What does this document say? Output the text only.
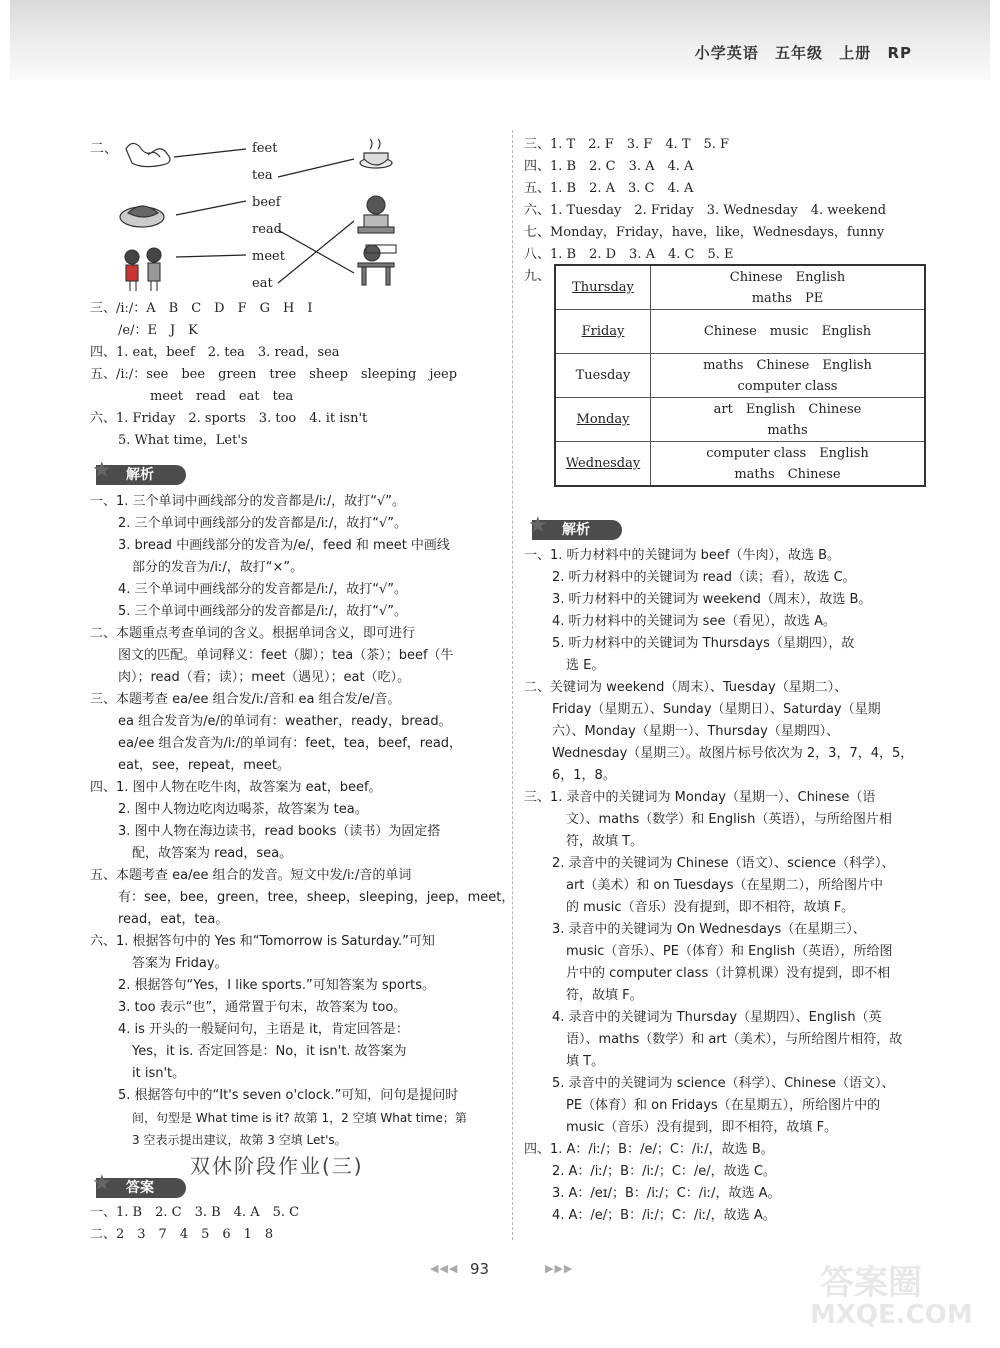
小学英语 五年级 上册 RP
二、	feet
tea
beef
read
meet
eat
三、/iː/：A　B　C　D　F　G　H　I
/e/：E　J　K
四、1. eat，beef　2. tea　3. read，sea
五、/iː/：see　bee　green　tree　sheep　sleeping　jeep
meet　read　eat　tea
六、1. Friday　2. sports　3. too　4. it isn't
5. What time，Let's
★ 解析
一、1. 三个单词中画线部分的发音都是/iː/，故打“√”。
2. 三个单词中画线部分的发音都是/iː/，故打“√”。
3. bread 中画线部分的发音为/e/，feed 和 meet 中画线
部分的发音为/iː/，故打“×”。
4. 三个单词中画线部分的发音都是/iː/，故打“√”。
5. 三个单词中画线部分的发音都是/iː/，故打“√”。
二、本题重点考查单词的含义。根据单词含义，即可进行
图文的匹配。单词释义：feet（脚）；tea（茶）；beef（牛
肉）；read（看；读）；meet（遇见）；eat（吃）。
三、本题考查 ea/ee 组合发/iː/音和 ea 组合发/e/音。
ea 组合发音为/e/的单词有：weather，ready，bread。
ea/ee 组合发音为/iː/的单词有：feet，tea，beef，read，
eat，see，repeat，meet。
四、1. 图中人物在吃牛肉，故答案为 eat，beef。
2. 图中人物边吃肉边喝茶，故答案为 tea。
3. 图中人物在海边读书，read books（读书）为固定搭
配，故答案为 read，sea。
五、本题考查 ea/ee 组合的发音。短文中发/iː/音的单词
有：see，bee，green，tree，sheep，sleeping，jeep，meet，
read，eat，tea。
六、1. 根据答句中的 Yes 和“Tomorrow is Saturday.”可知
答案为 Friday。
2. 根据答句“Yes，I like sports.”可知答案为 sports。
3. too 表示“也”，通常置于句末，故答案为 too。
4. is 开头的一般疑问句，主语是 it，肯定回答是：
Yes，it is. 否定回答是：No，it isn't. 故答案为
it isn't。
5. 根据答句中的“It's seven o'clock.”可知，问句是提问时
间，句型是 What time is it? 故第 1，2 空填 What time；第
3 空表示提出建议，故第 3 空填 Let's。
双休阶段作业(三)
★ 答案
一、1. B　2. C　3. B　4. A　5. C
二、2　3　7　4　5　6　1　8
三、1. T　2. F　3. F　4. T　5. F
四、1. B　2. C　3. A　4. A
五、1. B　2. A　3. C　4. A
六、1. Tuesday　2. Friday　3. Wednesday　4. weekend
七、Monday，Friday，have，like，Wednesdays，funny
八、1. B　2. D　3. A　4. C　5. E
九、
Thursday	Chinese　English
maths　PE

Friday	Chinese　music　English

Tuesday	maths　Chinese　English
computer class

Monday	art　English　Chinese
maths

Wednesday	computer class　English
maths　Chinese
★ 解析
一、1. 听力材料中的关键词为 beef（牛肉），故选 B。
2. 听力材料中的关键词为 read（读；看），故选 C。
3. 听力材料中的关键词为 weekend（周末），故选 B。
4. 听力材料中的关键词为 see（看见），故选 A。
5. 听力材料中的关键词为 Thursdays（星期四），故
选 E。
二、关键词为 weekend（周末）、Tuesday（星期二）、
Friday（星期五）、Sunday（星期日）、Saturday（星期
六）、Monday（星期一）、Thursday（星期四）、
Wednesday（星期三）。故图片标号依次为 2，3，7，4，5，
6，1，8。
三、1. 录音中的关键词为 Monday（星期一）、Chinese（语
文）、maths（数学）和 English（英语），与所给图片相
符，故填 T。
2. 录音中的关键词为 Chinese（语文）、science（科学）、
art（美术）和 on Tuesdays（在星期二），所给图片中
的 music（音乐）没有提到，即不相符，故填 F。
3. 录音中的关键词为 On Wednesdays（在星期三）、
music（音乐）、PE（体育）和 English（英语），所给图
片中的 computer class（计算机课）没有提到，即不相
符，故填 F。
4. 录音中的关键词为 Thursday（星期四）、English（英
语）、maths（数学）和 art（美术），与所给图片相符，故
填 T。
5. 录音中的关键词为 science（科学）、Chinese（语文）、
PE（体育）和 on Fridays（在星期五），所给图片中的
music（音乐）没有提到，即不相符，故填 F。
四、1. A：/iː/；B：/e/；C：/iː/，故选 B。
2. A：/iː/；B：/iː/；C：/e/，故选 C。
3. A：/eɪ/；B：/iː/；C：/iː/，故选 A。
4. A：/e/；B：/iː/；C：/iː/，故选 A。
◀◀◀ 93	▶▶▶	答案圈
MXQE.COM
